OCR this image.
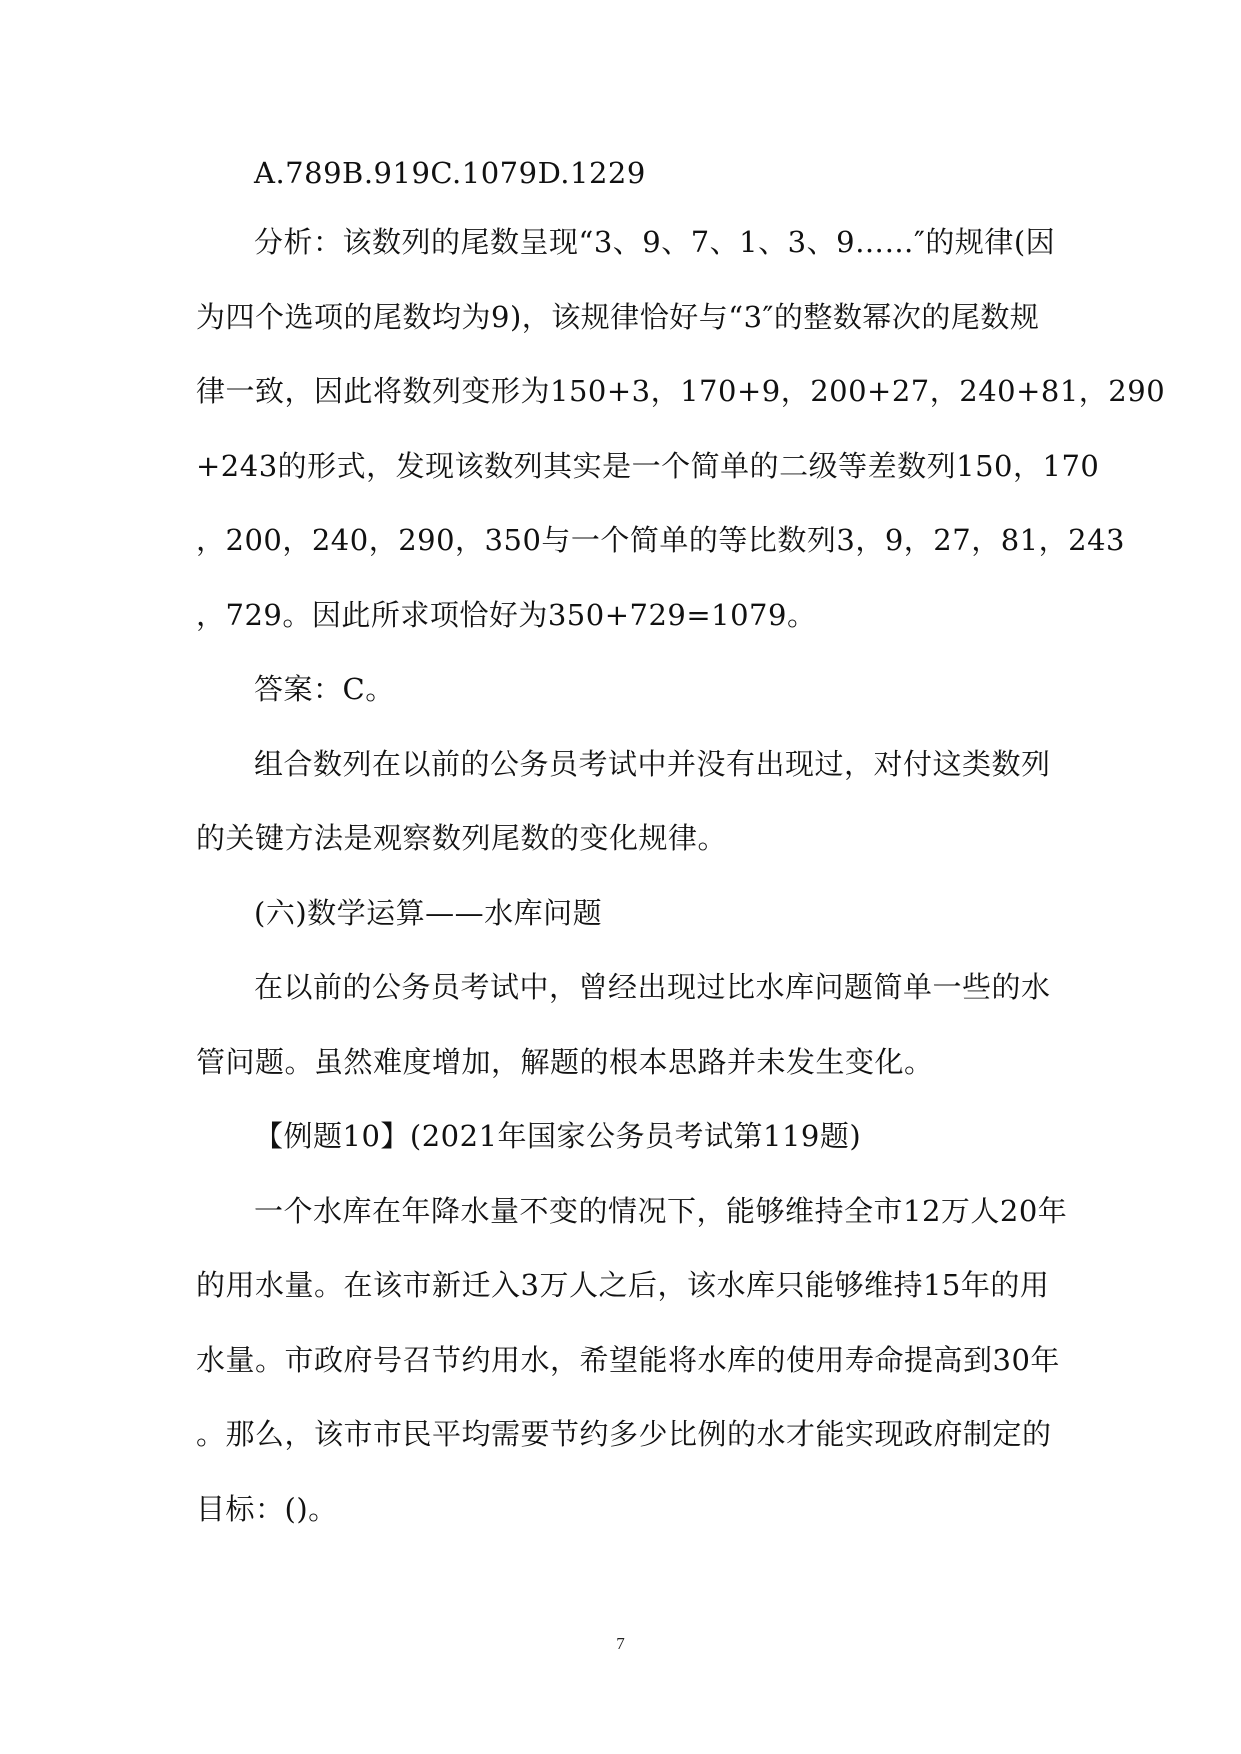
A.789B.919C.1079D.1229
分析：该数列的尾数呈现“3、9、7、1、3、9……″的规律(因
为四个选项的尾数均为9)，该规律恰好与“3″的整数幂次的尾数规
律一致，因此将数列变形为150+3，170+9，200+27，240+81，290
+243的形式，发现该数列其实是一个简单的二级等差数列150，170
，200，240，290，350与一个简单的等比数列3，9，27，81，243
，729。因此所求项恰好为350+729=1079。
答案：C。
组合数列在以前的公务员考试中并没有出现过，对付这类数列
的关键方法是观察数列尾数的变化规律。
(六)数学运算——水库问题
在以前的公务员考试中，曾经出现过比水库问题简单一些的水
管问题。虽然难度增加，解题的根本思路并未发生变化。
【例题10】(2021年国家公务员考试第119题)
一个水库在年降水量不变的情况下，能够维持全市12万人20年
的用水量。在该市新迁入3万人之后，该水库只能够维持15年的用
水量。市政府号召节约用水，希望能将水库的使用寿命提高到30年
。那么，该市市民平均需要节约多少比例的水才能实现政府制定的
目标：()。
7
